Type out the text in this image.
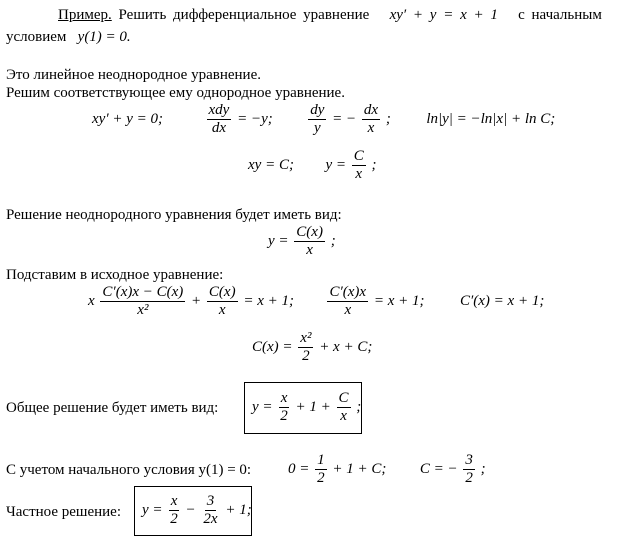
Пример. Решить дифференциальное уравнение xy′ + y = x + 1 с начальным
условием y(1) = 0.
Это линейное неоднородное уравнение.
Решим соответствующее ему однородное уравнение.
xy′ + y = 0;	$\frac{\text{xdy}}{dx} = -y$; $\frac{dy}{y}$ = − $\frac{dx}{x}$ ; ln|y| = −ln|x| + ln C;
xy = C; $y = \frac{C}{x}$ ;
Решение неоднородного уравнения будет иметь вид:
$y = \frac{C(x)}{x}$ ;
Подставим в исходное уравнение:
x $\frac{C'(x)x - C(x)}{\text{x²}} + \frac{C(x)}{x} = x + 1$; $\frac{C'(x)x}{x} = x + 1$; C′(x) = x + 1;
$C(x) = \frac{\text{x²}}{2} + x + C$;
Общее решение будет иметь вид: $y = \frac{x}{2} + 1 + \frac{C}{x}$ ;
С учетом начального условия y(1) = 0: $0 = \frac{1}{2} + 1 + C$; C = − $\frac{3}{2}$ ;
Частное решение: $y = \frac{x}{2} - \frac{3}{2x} + 1$;
